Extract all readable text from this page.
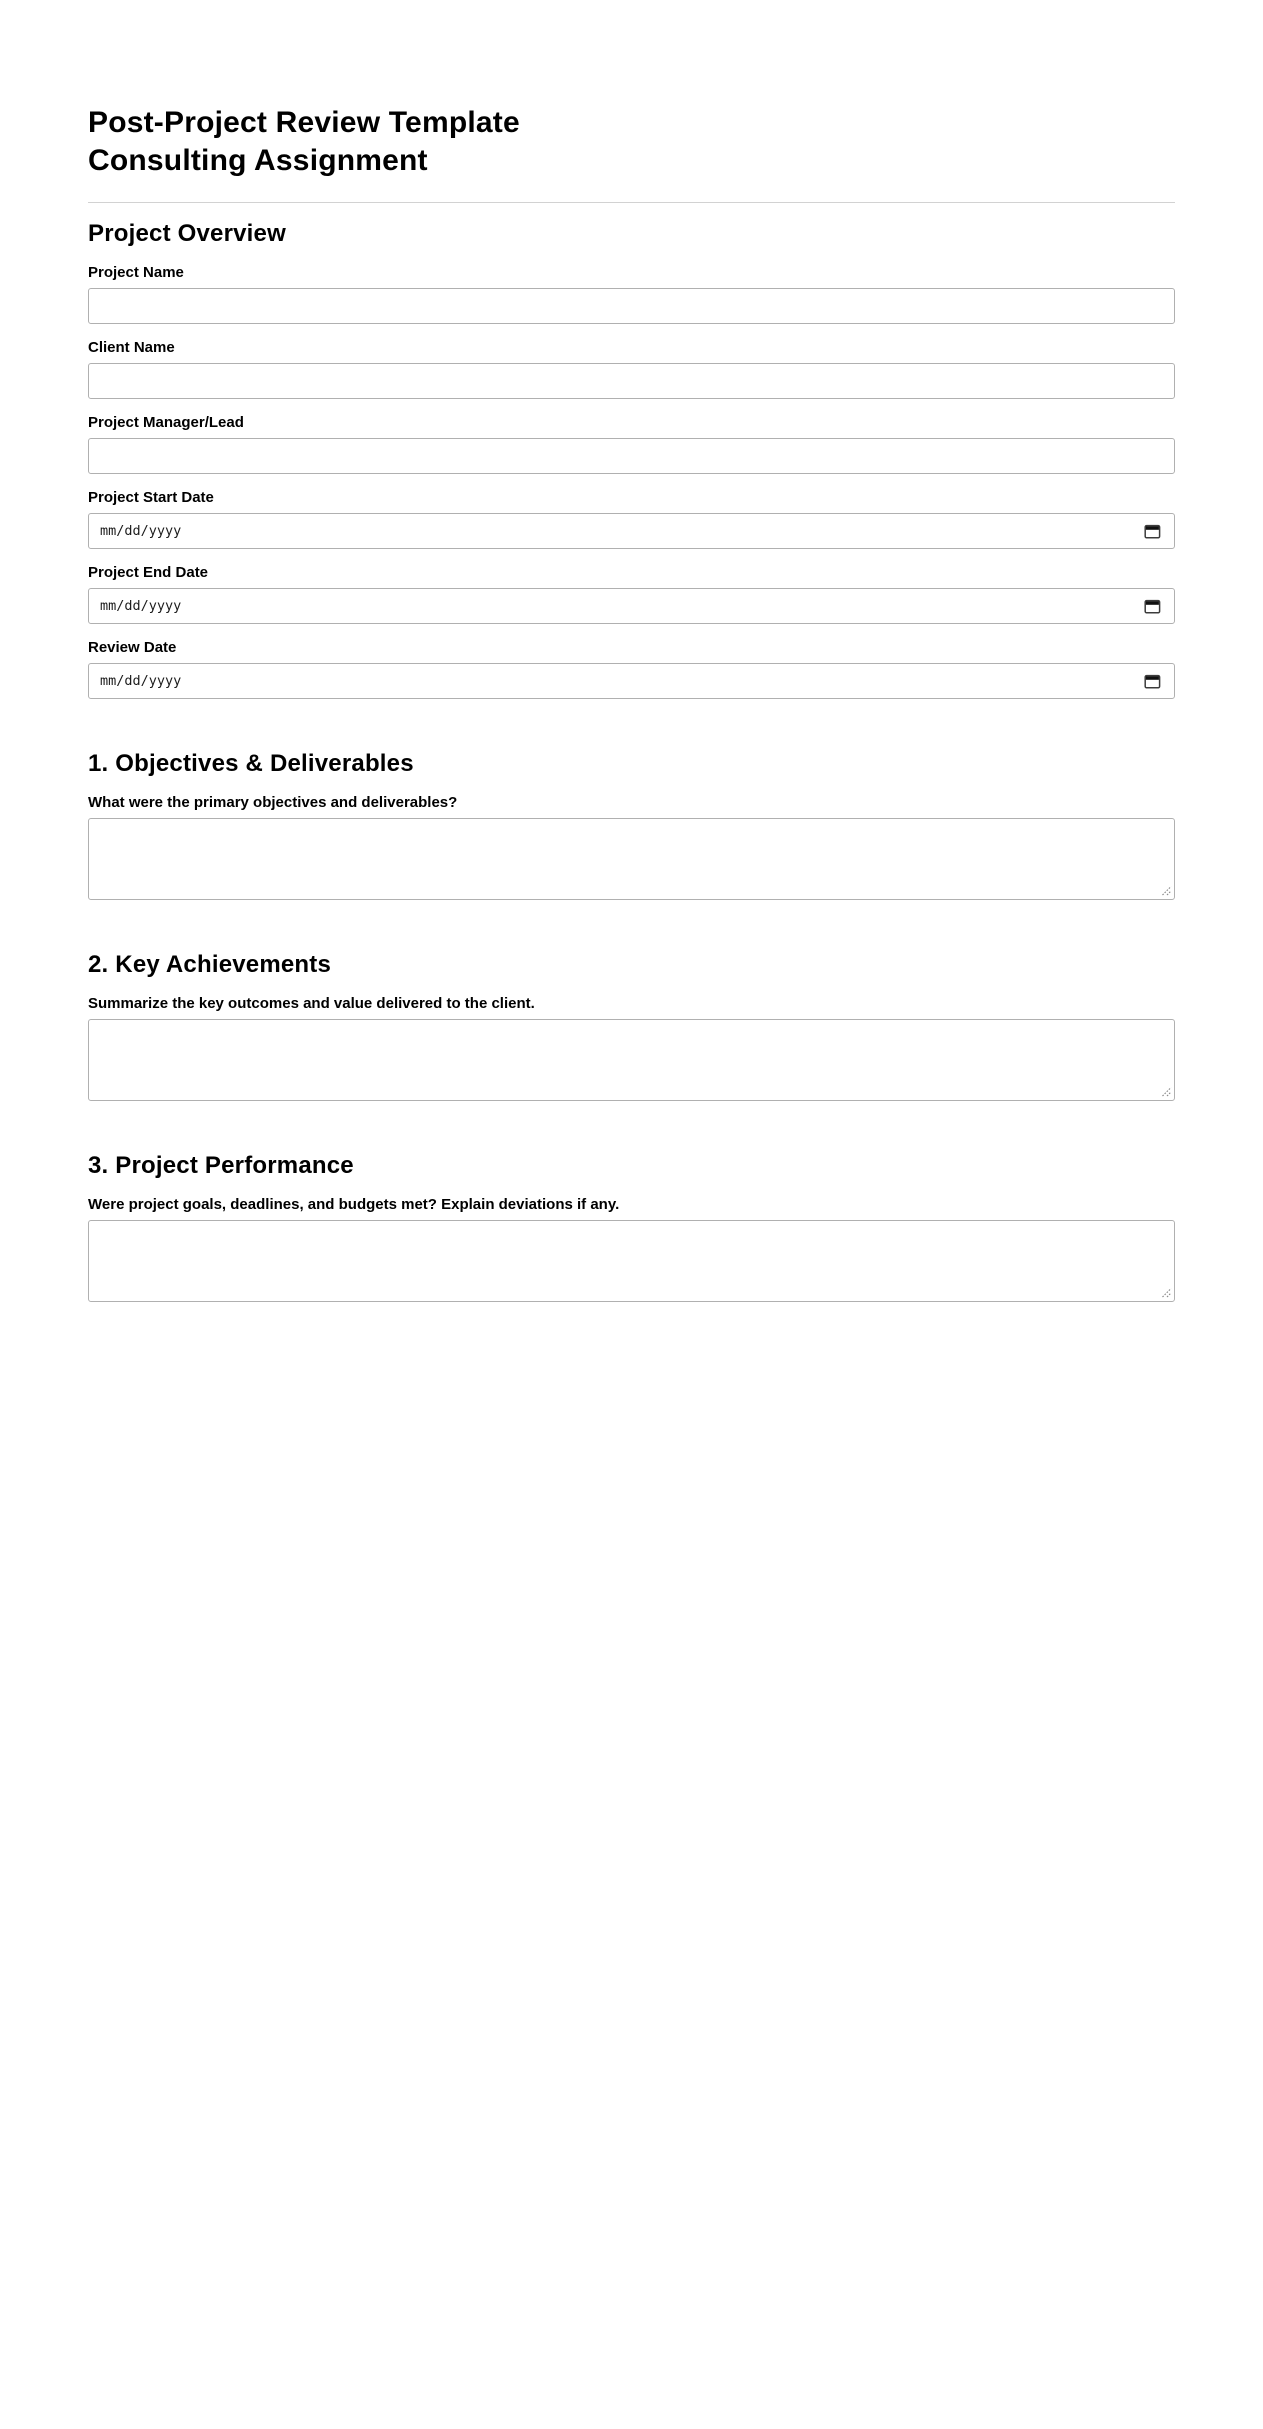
Post-Project Review Template
Consulting Assignment
Project Overview
Project Name
Client Name
Project Manager/Lead
Project Start Date
mm/dd/yyyy
Project End Date
mm/dd/yyyy
Review Date
mm/dd/yyyy
1. Objectives & Deliverables
What were the primary objectives and deliverables?
2. Key Achievements
Summarize the key outcomes and value delivered to the client.
3. Project Performance
Were project goals, deadlines, and budgets met? Explain deviations if any.
